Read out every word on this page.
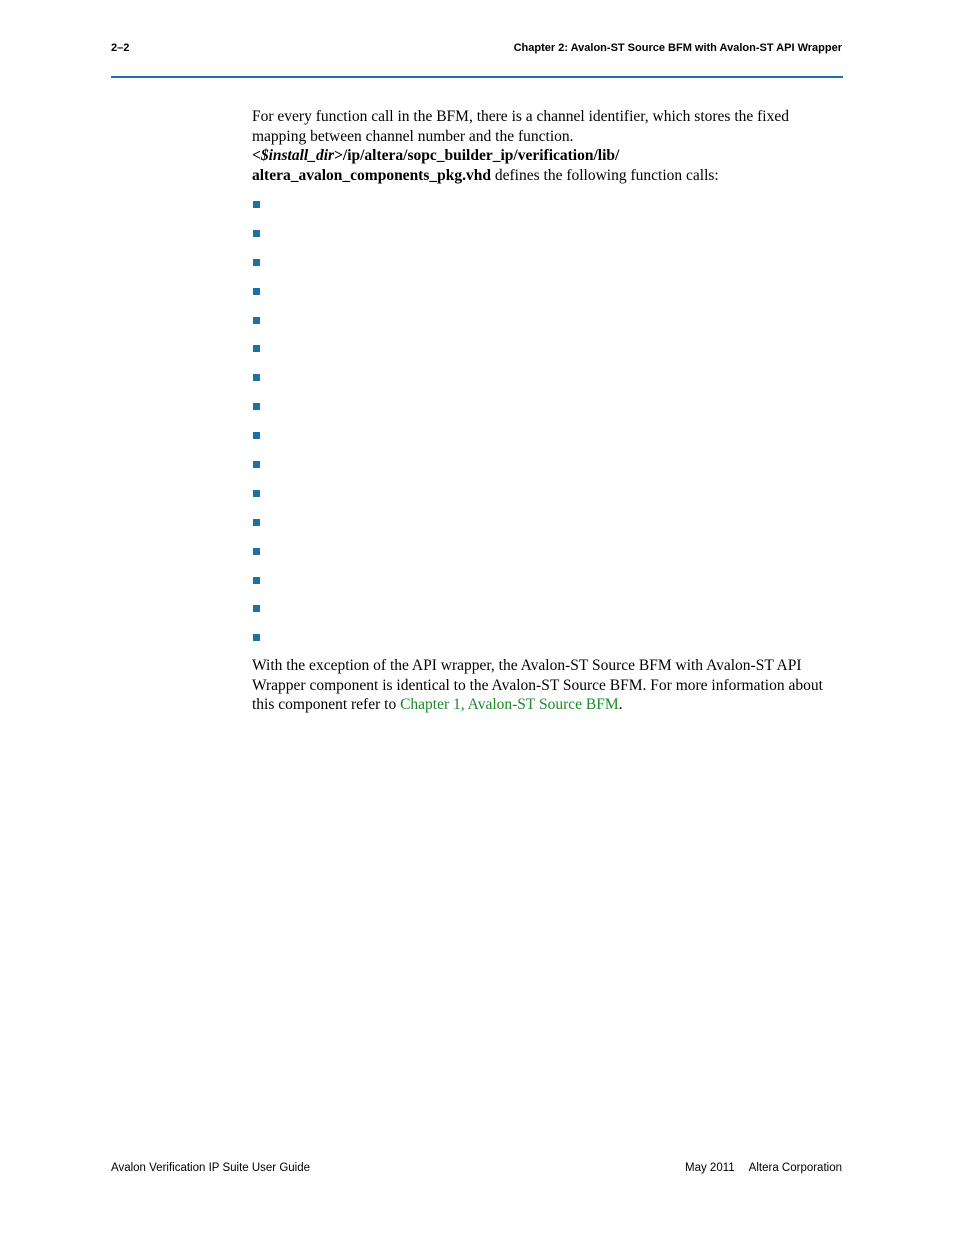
2–2	Chapter 2: Avalon-ST Source BFM with Avalon-ST API Wrapper
For every function call in the BFM, there is a channel identifier, which stores the fixed mapping between channel number and the function.
<$install_dir>/ip/altera/sopc_builder_ip/verification/lib/ altera_avalon_components_pkg.vhd defines the following function calls:
With the exception of the API wrapper, the Avalon-ST Source BFM with Avalon-ST API Wrapper component is identical to the Avalon-ST Source BFM. For more information about this component refer to Chapter 1, Avalon-ST Source BFM.
Avalon Verification IP Suite User Guide	May 2011 Altera Corporation
